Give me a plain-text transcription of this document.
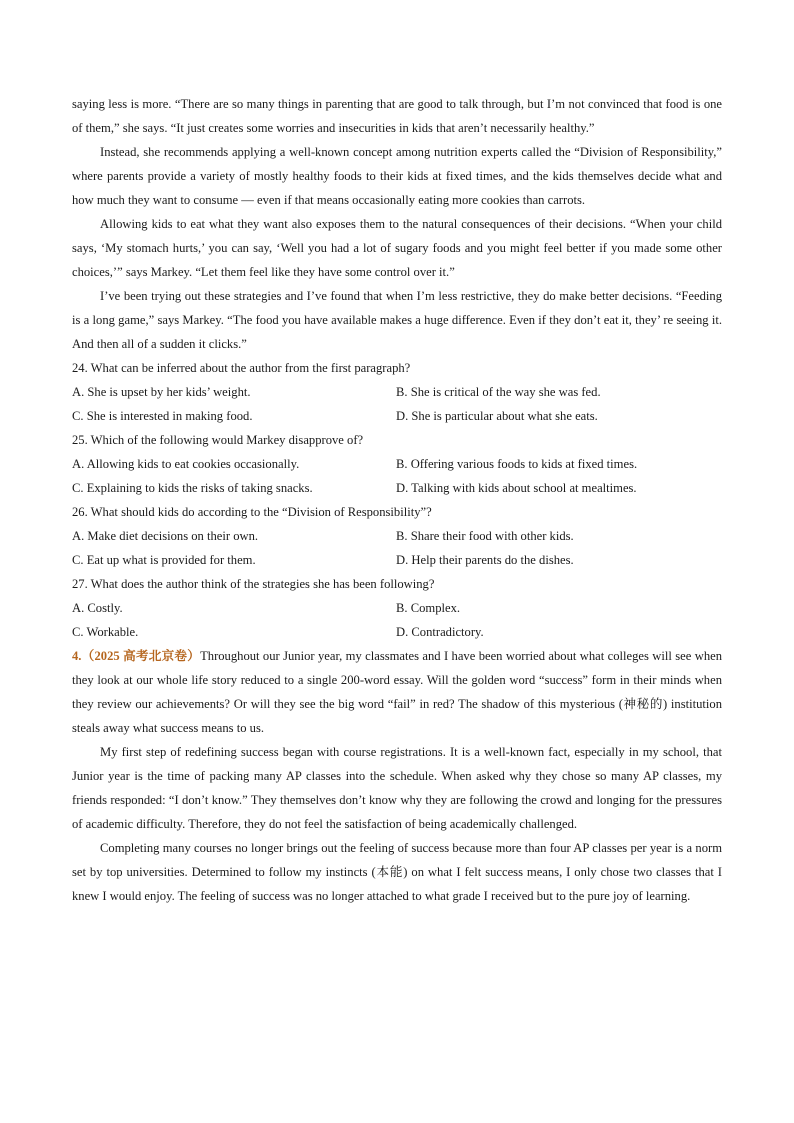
saying less is more. “There are so many things in parenting that are good to talk through, but I’m not convinced that food is one of them,” she says. “It just creates some worries and insecurities in kids that aren’t necessarily healthy.”

Instead, she recommends applying a well-known concept among nutrition experts called the “Division of Responsibility,” where parents provide a variety of mostly healthy foods to their kids at fixed times, and the kids themselves decide what and how much they want to consume — even if that means occasionally eating more cookies than carrots.

Allowing kids to eat what they want also exposes them to the natural consequences of their decisions. “When your child says, ‘My stomach hurts,’ you can say, ‘Well you had a lot of sugary foods and you might feel better if you made some other choices,’” says Markey. “Let them feel like they have some control over it.”

I’ve been trying out these strategies and I’ve found that when I’m less restrictive, they do make better decisions. “Feeding is a long game,” says Markey. “The food you have available makes a huge difference. Even if they don’t eat it, they’ re seeing it. And then all of a sudden it clicks.”

24. What can be inferred about the author from the first paragraph?

A. She is upset by her kids’ weight.	B. She is critical of the way she was fed.
C. She is interested in making food.	D. She is particular about what she eats.

25. Which of the following would Markey disapprove of?

A. Allowing kids to eat cookies occasionally.	B. Offering various foods to kids at fixed times.
C. Explaining to kids the risks of taking snacks.	D. Talking with kids about school at mealtimes.

26. What should kids do according to the “Division of Responsibility”?

A. Make diet decisions on their own.	B. Share their food with other kids.
C. Eat up what is provided for them.	D. Help their parents do the dishes.

27. What does the author think of the strategies she has been following?

A. Costly.	B. Complex.
C. Workable.	D. Contradictory.

4.（2025 高考北京卷）Throughout our Junior year, my classmates and I have been worried about what colleges will see when they look at our whole life story reduced to a single 200-word essay. Will the golden word “success” form in their minds when they review our achievements? Or will they see the big word “fail” in red? The shadow of this mysterious (神秘的) institution steals away what success means to us.

My first step of redefining success began with course registrations. It is a well-known fact, especially in my school, that Junior year is the time of packing many AP classes into the schedule. When asked why they chose so many AP classes, my friends responded: “I don’t know.” They themselves don’t know why they are following the crowd and longing for the pressures of academic difficulty. Therefore, they do not feel the satisfaction of being academically challenged.

Completing many courses no longer brings out the feeling of success because more than four AP classes per year is a norm set by top universities. Determined to follow my instincts (本能) on what I felt success means, I only chose two classes that I knew I would enjoy. The feeling of success was no longer attached to what grade I received but to the pure joy of learning.
